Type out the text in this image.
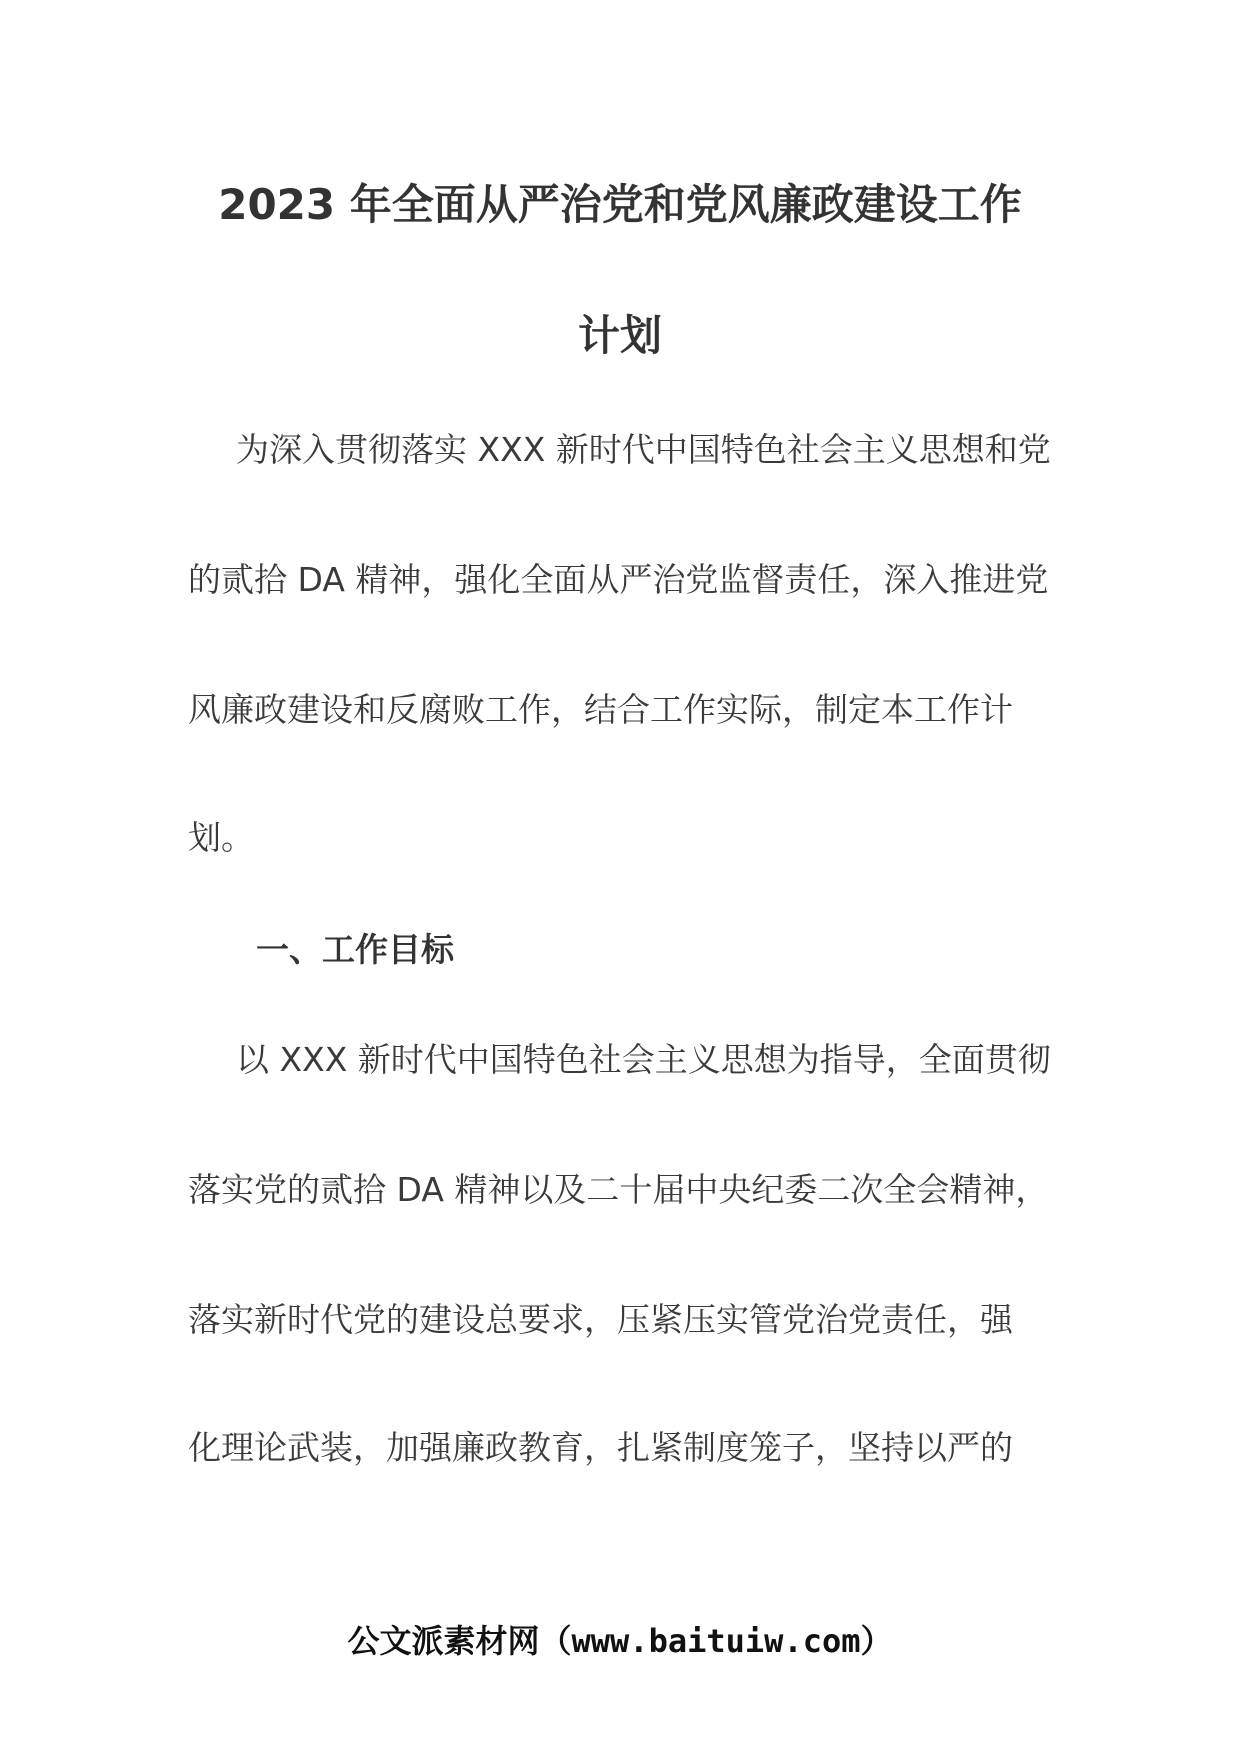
2023 年全面从严治党和党风廉政建设工作
计划
为深入贯彻落实 XXX 新时代中国特色社会主义思想和党
的贰拾 DA 精神，强化全面从严治党监督责任，深入推进党
风廉政建设和反腐败工作，结合工作实际，制定本工作计
划。
一、工作目标
以 XXX 新时代中国特色社会主义思想为指导，全面贯彻
落实党的贰拾 DA 精神以及二十届中央纪委二次全会精神，
落实新时代党的建设总要求，压紧压实管党治党责任，强
化理论武装，加强廉政教育，扎紧制度笼子，坚持以严的
公文派素材网（www.baituiw.com）
